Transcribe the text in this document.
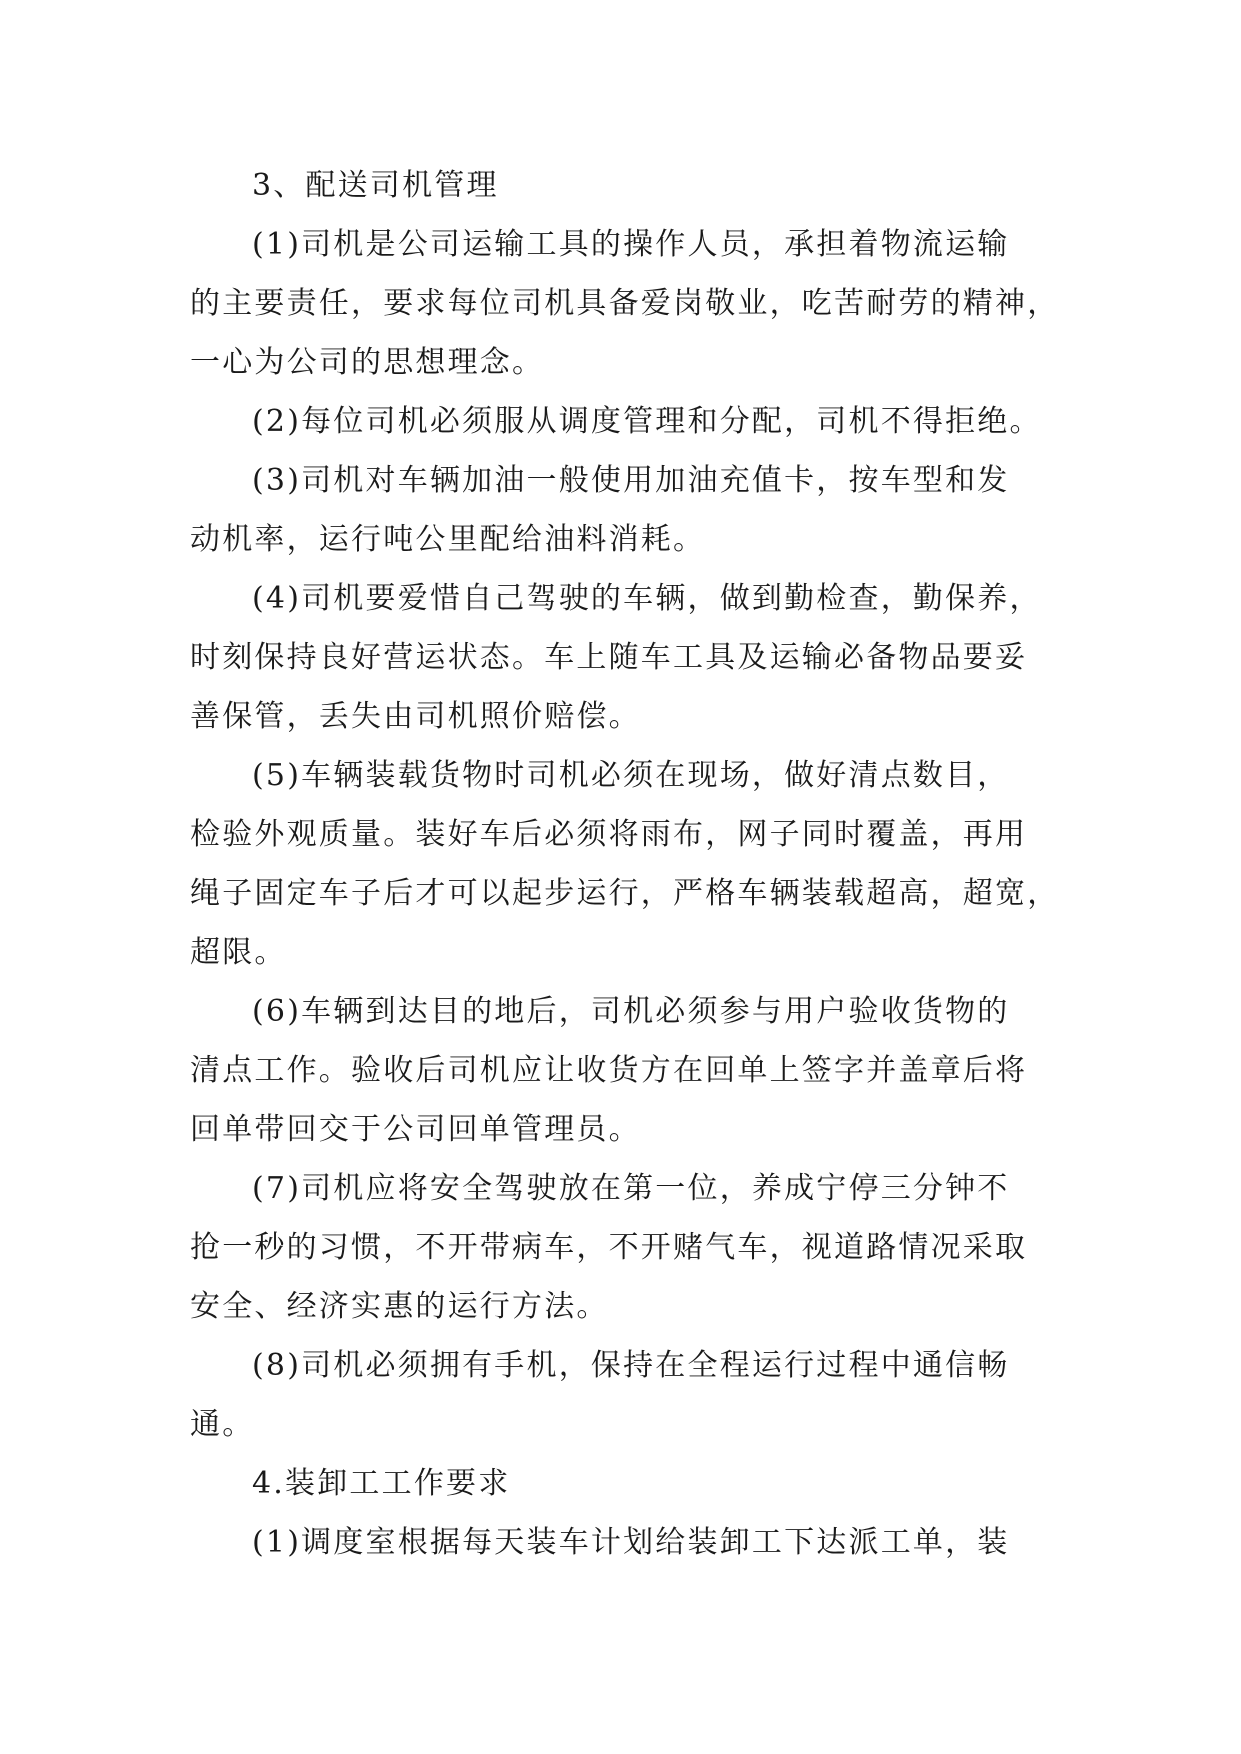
3、配送司机管理
(1)司机是公司运输工具的操作人员，承担着物流运输
的主要责任，要求每位司机具备爱岗敬业，吃苦耐劳的精神，
一心为公司的思想理念。
(2)每位司机必须服从调度管理和分配，司机不得拒绝。
(3)司机对车辆加油一般使用加油充值卡，按车型和发
动机率，运行吨公里配给油料消耗。
(4)司机要爱惜自己驾驶的车辆，做到勤检查，勤保养，
时刻保持良好营运状态。车上随车工具及运输必备物品要妥
善保管，丢失由司机照价赔偿。
(5)车辆装载货物时司机必须在现场，做好清点数目，
检验外观质量。装好车后必须将雨布，网子同时覆盖，再用
绳子固定车子后才可以起步运行，严格车辆装载超高，超宽，
超限。
(6)车辆到达目的地后，司机必须参与用户验收货物的
清点工作。验收后司机应让收货方在回单上签字并盖章后将
回单带回交于公司回单管理员。
(7)司机应将安全驾驶放在第一位，养成宁停三分钟不
抢一秒的习惯，不开带病车，不开赌气车，视道路情况采取
安全、经济实惠的运行方法。
(8)司机必须拥有手机，保持在全程运行过程中通信畅
通。
4.装卸工工作要求
(1)调度室根据每天装车计划给装卸工下达派工单，装
